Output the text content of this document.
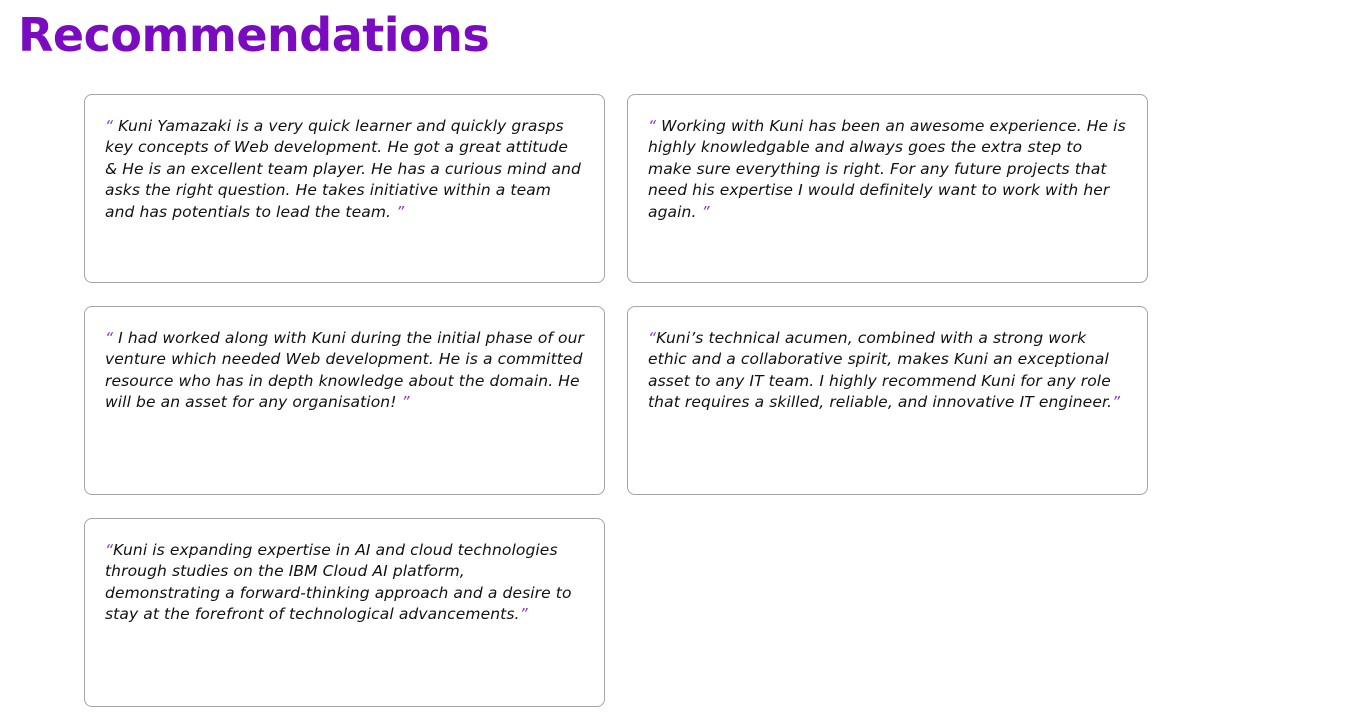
Recommendations

“ Kuni Yamazaki is a very quick learner and quickly grasps key concepts of Web development. He got a great attitude & He is an excellent team player. He has a curious mind and asks the right question. He takes initiative within a team and has potentials to lead the team. ”

“ Working with Kuni has been an awesome experience. He is highly knowledgable and always goes the extra step to make sure everything is right. For any future projects that need his expertise I would definitely want to work with her again. ”

“ I had worked along with Kuni during the initial phase of our venture which needed Web development. He is a committed resource who has in depth knowledge about the domain. He will be an asset for any organisation! ”

“Kuni’s technical acumen, combined with a strong work ethic and a collaborative spirit, makes Kuni an exceptional asset to any IT team. I highly recommend Kuni for any role that requires a skilled, reliable, and innovative IT engineer.”

“Kuni is expanding expertise in AI and cloud technologies through studies on the IBM Cloud AI platform, demonstrating a forward-thinking approach and a desire to stay at the forefront of technological advancements.”
